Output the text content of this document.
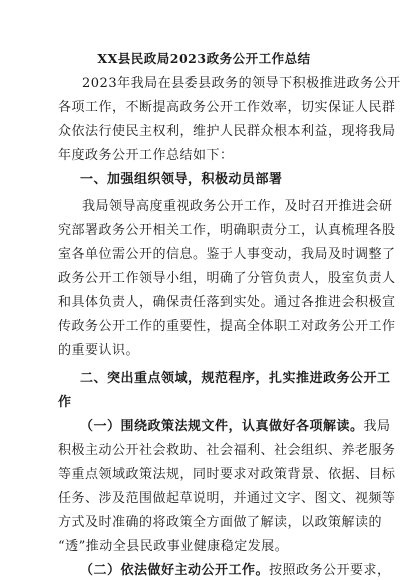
XX县民政局2023政务公开工作总结
2023年我局在县委县政务的领导下积极推进政务公开
各项工作，不断提高政务公开工作效率，切实保证人民群
众依法行使民主权利，维护人民群众根本利益，现将我局
年度政务公开工作总结如下：
一、加强组织领导，积极动员部署
我局领导高度重视政务公开工作，及时召开推进会研
究部署政务公开相关工作，明确职责分工，认真梳理各股
室各单位需公开的信息。鉴于人事变动，我局及时调整了
政务公开工作领导小组，明确了分管负责人，股室负责人
和具体负责人，确保责任落到实处。通过各推进会积极宣
传政务公开工作的重要性，提高全体职工对政务公开工作
的重要认识。
二、突出重点领域，规范程序，扎实推进政务公开工
作
（一）围绕政策法规文件，认真做好各项解读。我局
积极主动公开社会救助、社会福利、社会组织、养老服务
等重点领域政策法规，同时要求对政策背景、依据、目标
任务、涉及范围做起草说明，并通过文字、图文、视频等
方式及时准确的将政策全方面做了解读，以政策解读的
“透”推动全县民政事业健康稳定发展。
（二）依法做好主动公开工作。按照政务公开要求，
